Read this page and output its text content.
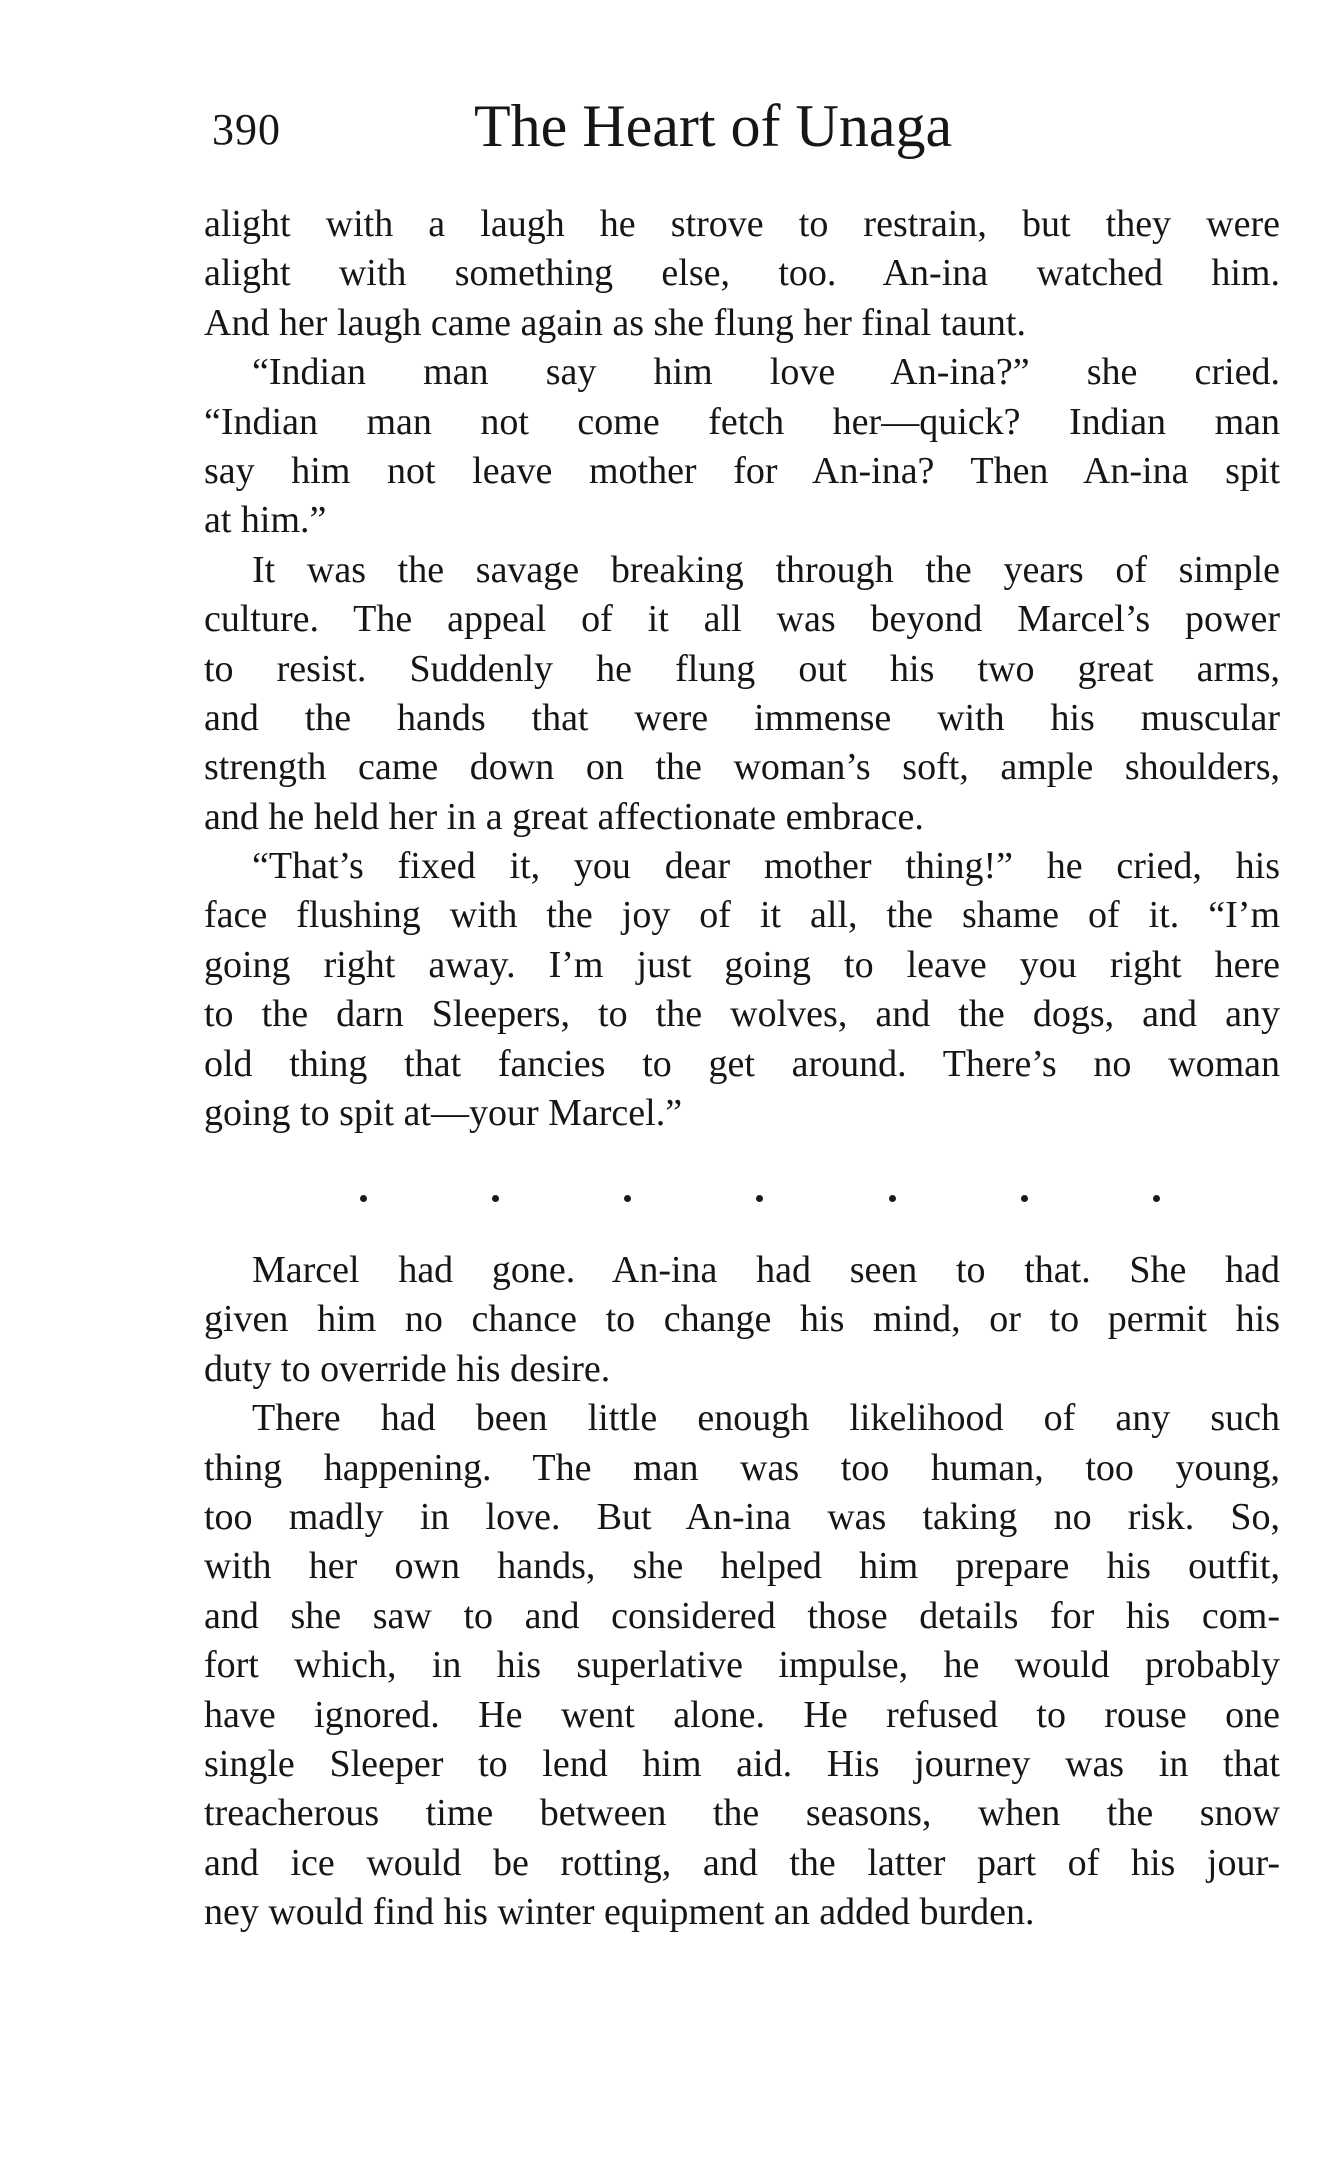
390	The Heart of Unaga
alight with a laugh he strove to restrain, but they were
alight with something else, too. An-ina watched him.
And her laugh came again as she flung her final taunt.
“Indian man say him love An-ina?” she cried.
“Indian man not come fetch her—quick? Indian man
say him not leave mother for An-ina? Then An-ina spit
at him.”
It was the savage breaking through the years of simple
culture. The appeal of it all was beyond Marcel’s power
to resist. Suddenly he flung out his two great arms,
and the hands that were immense with his muscular
strength came down on the woman’s soft, ample shoulders,
and he held her in a great affectionate embrace.
“That’s fixed it, you dear mother thing!” he cried, his
face flushing with the joy of it all, the shame of it. “I’m
going right away. I’m just going to leave you right here
to the darn Sleepers, to the wolves, and the dogs, and any
old thing that fancies to get around. There’s no woman
going to spit at—your Marcel.”
Marcel had gone. An-ina had seen to that. She had
given him no chance to change his mind, or to permit his
duty to override his desire.
There had been little enough likelihood of any such
thing happening. The man was too human, too young,
too madly in love. But An-ina was taking no risk. So,
with her own hands, she helped him prepare his outfit,
and she saw to and considered those details for his com-
fort which, in his superlative impulse, he would probably
have ignored. He went alone. He refused to rouse one
single Sleeper to lend him aid. His journey was in that
treacherous time between the seasons, when the snow
and ice would be rotting, and the latter part of his jour-
ney would find his winter equipment an added burden.
